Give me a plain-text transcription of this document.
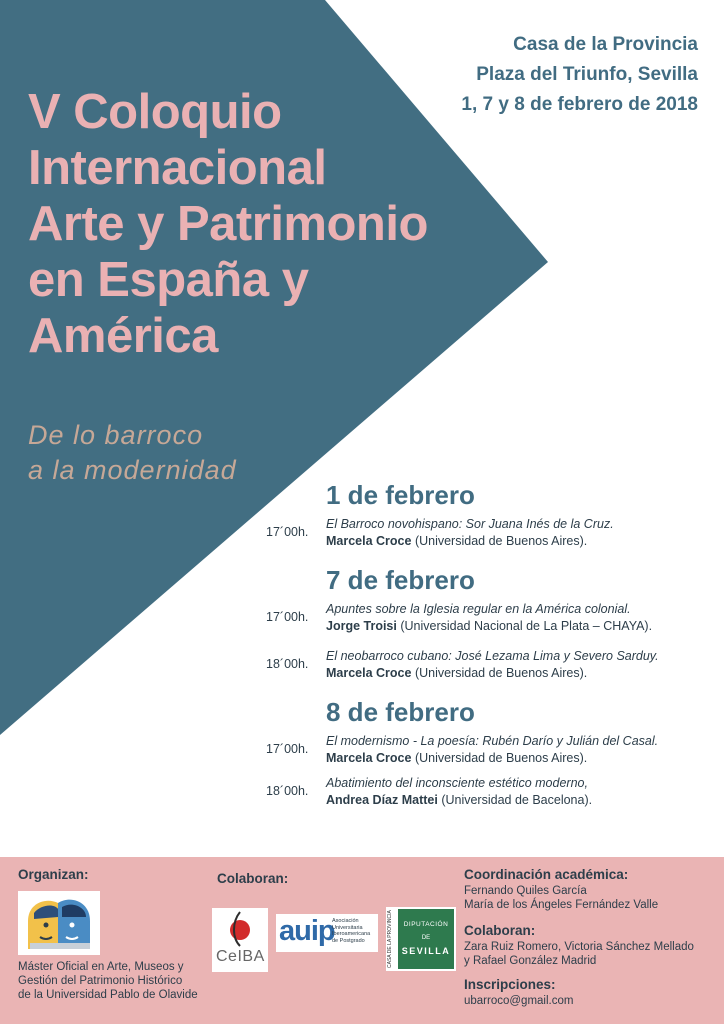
Casa de la Provincia
Plaza del Triunfo, Sevilla
1, 7 y 8 de febrero de 2018
V Coloquio
Internacional
Arte y Patrimonio
en España y
América
De lo barroco
a la modernidad
1 de febrero
17´00h.
El Barroco novohispano: Sor Juana Inés de la Cruz.
Marcela Croce (Universidad de Buenos Aires).
7 de febrero
17´00h.
Apuntes sobre la Iglesia regular en la América colonial.
Jorge Troisi (Universidad Nacional de La Plata – CHAYA).
18´00h.
El neobarroco cubano: José Lezama Lima y Severo Sarduy.
Marcela Croce (Universidad de Buenos Aires).
8 de febrero
17´00h.
El modernismo - La poesía: Rubén Darío y Julián del Casal.
Marcela Croce (Universidad de Buenos Aires).
18´00h.
Abatimiento del inconsciente estético moderno,
Andrea Díaz Mattei (Universidad de Bacelona).
Organizan:
Máster Oficial en Arte, Museos y
Gestión del Patrimonio Histórico
de la Universidad Pablo de Olavide
Colaboran:
CeIBA
auip
Asociación
Universitaria
Iberoamericana
de Postgrado	CASA DE LA PROVINCIA	DIPUTACIÓN
DE
SEVILLA
Coordinación académica:
Fernando Quiles García
María de los Ángeles Fernández Valle
Colaboran:
Zara Ruiz Romero, Victoria Sánchez Mellado
y Rafael González Madrid
Inscripciones:
ubarroco@gmail.com
